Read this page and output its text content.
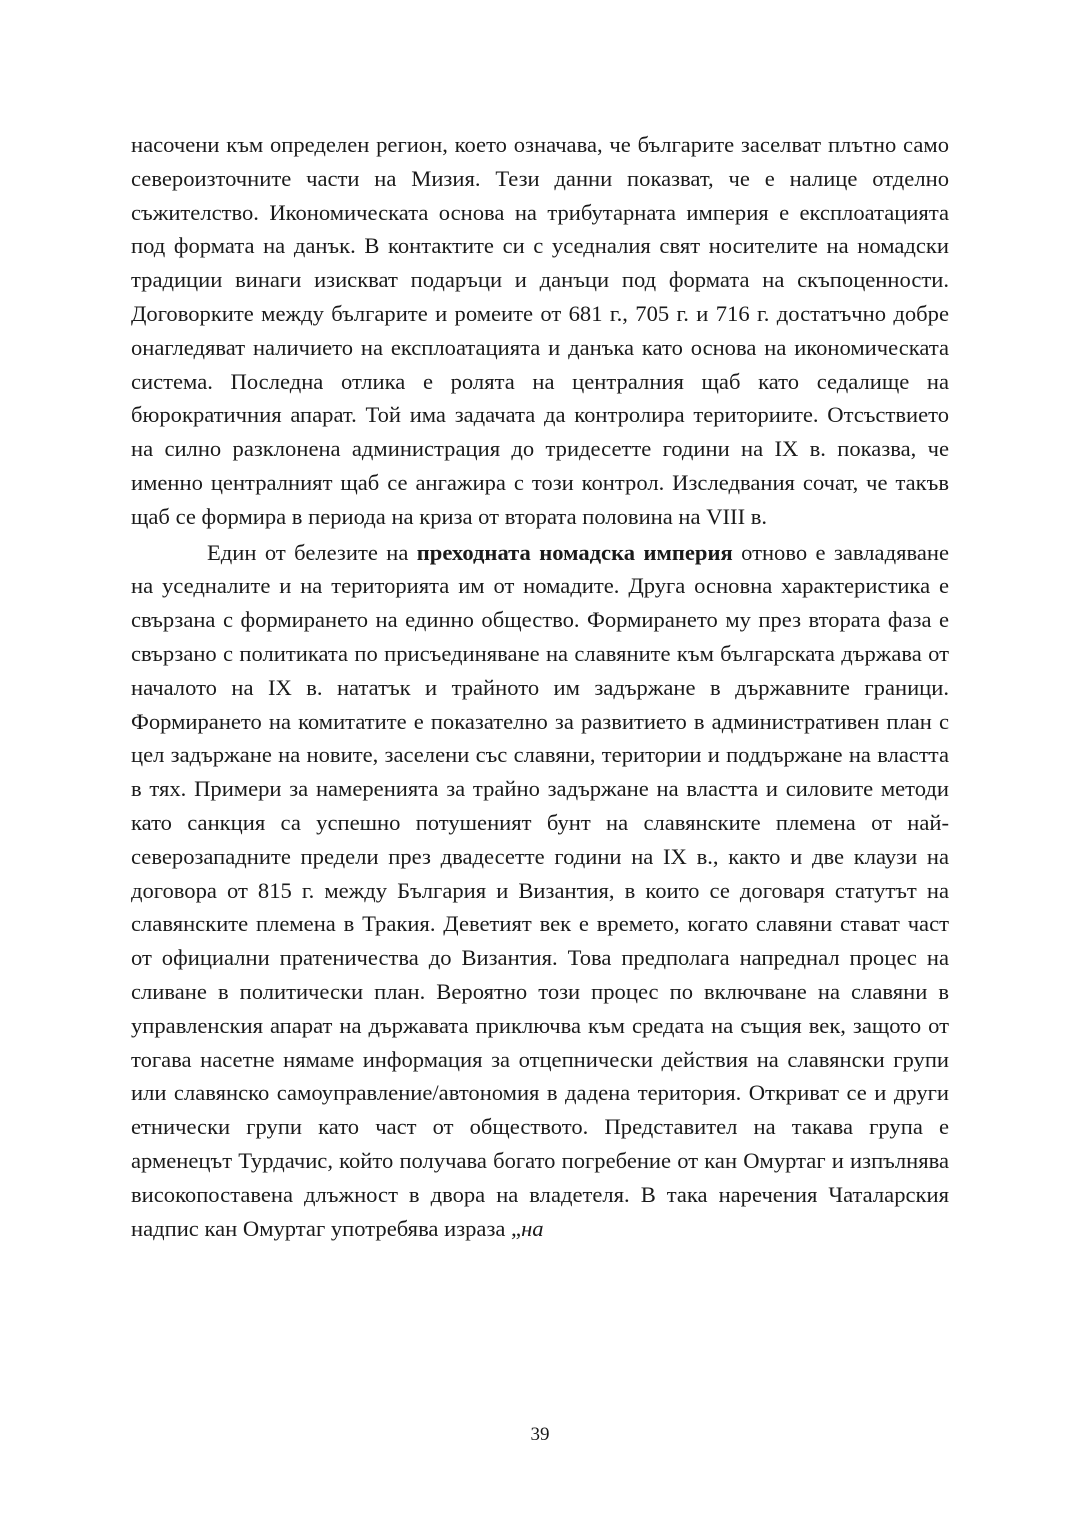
насочени към определен регион, което означава, че българите заселват плътно само североизточните части на Мизия. Тези данни показват, че е налице отделно съжителство. Икономическата основа на трибутарната империя е експлоатацията под формата на данък. В контактите си с уседналия свят носителите на номадски традиции винаги изискват подаръци и данъци под формата на скъпоценности. Договорките между българите и ромеите от 681 г., 705 г. и 716 г. достатъчно добре онагледяват наличието на експлоатацията и данъка като основа на икономическата система. Последна отлика е ролята на централния щаб като седалище на бюрократичния апарат. Той има задачата да контролира териториите. Отсъствието на силно разклонена администрация до тридесетте години на IX в. показва, че именно централният щаб се ангажира с този контрол. Изследвания сочат, че такъв щаб се формира в периода на криза от втората половина на VIII в.

Един от белезите на преходната номадска империя отново е завладяване на уседналите и на територията им от номадите. Друга основна характеристика е свързана с формирането на единно общество. Формирането му през втората фаза е свързано с политиката по присъединяване на славяните към българската държава от началото на IX в. нататък и трайното им задържане в държавните граници. Формирането на комитатите е показателно за развитието в административен план с цел задържане на новите, заселени със славяни, територии и поддържане на властта в тях. Примери за намеренията за трайно задържане на властта и силовите методи като санкция са успешно потушеният бунт на славянските племена от най-северозападните предели през двадесетте години на IX в., както и две клаузи на договора от 815 г. между България и Византия, в които се договаря статутът на славянските племена в Тракия. Деветият век е времето, когато славяни стават част от официални пратеничества до Византия. Това предполага напреднал процес на сливане в политически план. Вероятно този процес по включване на славяни в управленския апарат на държавата приключва към средата на същия век, защото от тогава насетне нямаме информация за отцепнически действия на славянски групи или славянско самоуправление/автономия в дадена територия. Откриват се и други етнически групи като част от обществото. Представител на такава група е арменецът Турдачис, който получава богато погребение от кан Омуртаг и изпълнява високопоставена длъжност в двора на владетеля. В така наречения Чаталарския надпис кан Омуртаг употребява израза „на

39
